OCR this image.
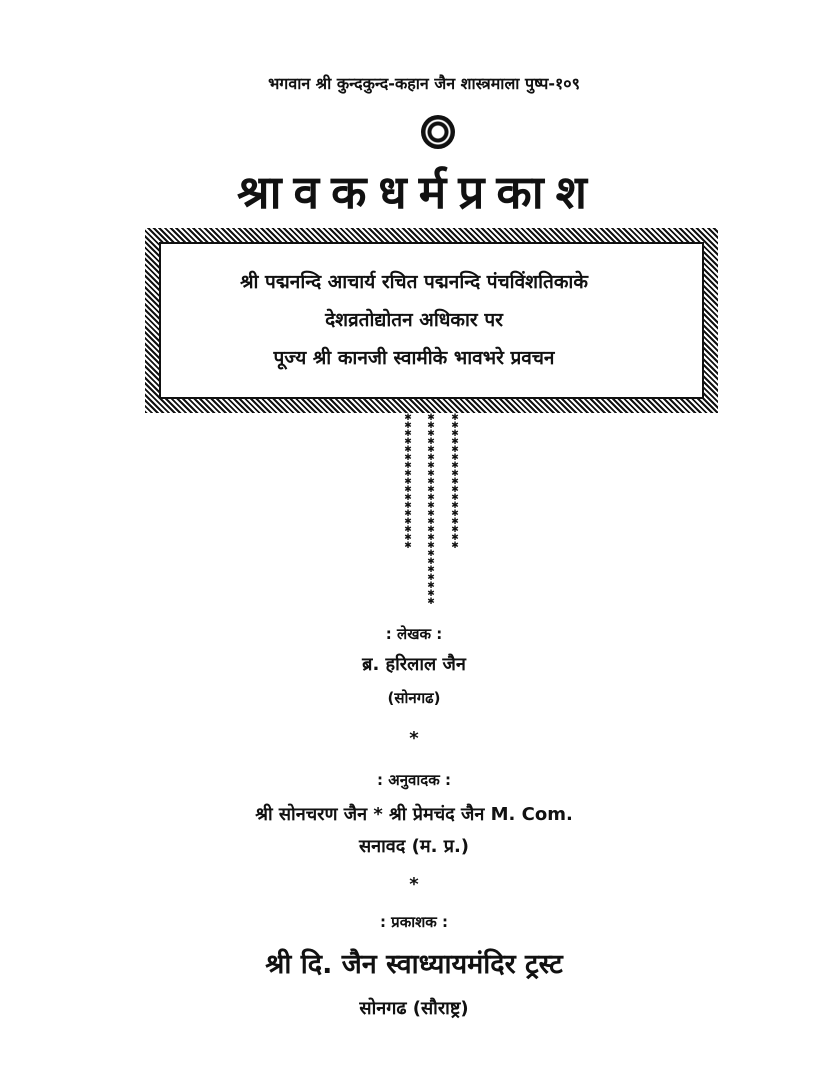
भगवान श्री कुन्दकुन्द-कहान जैन शास्त्रमाला पुष्प-१०९
श्रावकधर्मप्रकाश
श्री पद्मनन्दि आचार्य रचित पद्मनन्दि पंचविंशतिकाके
देशव्रतोद्योतन अधिकार पर
पूज्य श्री कानजी स्वामीके भावभरे प्रवचन
✱
✱
✱
✱
✱
✱
✱
✱
✱
✱
✱
✱
✱
✱
✱
✱
✱
✱
✱
✱
✱
✱
✱
✱
✱
✱
✱
✱
✱
✱
✱
✱
✱
✱
✱
✱
✱
✱
✱
✱
✱
✱
✱
✱
✱
✱
✱
✱
✱
✱
✱
✱
✱
✱
✱
✱
✱
✱
: लेखक :
ब्र. हरिलाल जैन
(सोनगढ)
*
: अनुवादक :
श्री सोनचरण जैन * श्री प्रेमचंद जैन M. Com.
सनावद (म. प्र.)
*
: प्रकाशक :
श्री दि. जैन स्वाध्यायमंदिर ट्रस्ट
सोनगढ (सौराष्ट्र)
